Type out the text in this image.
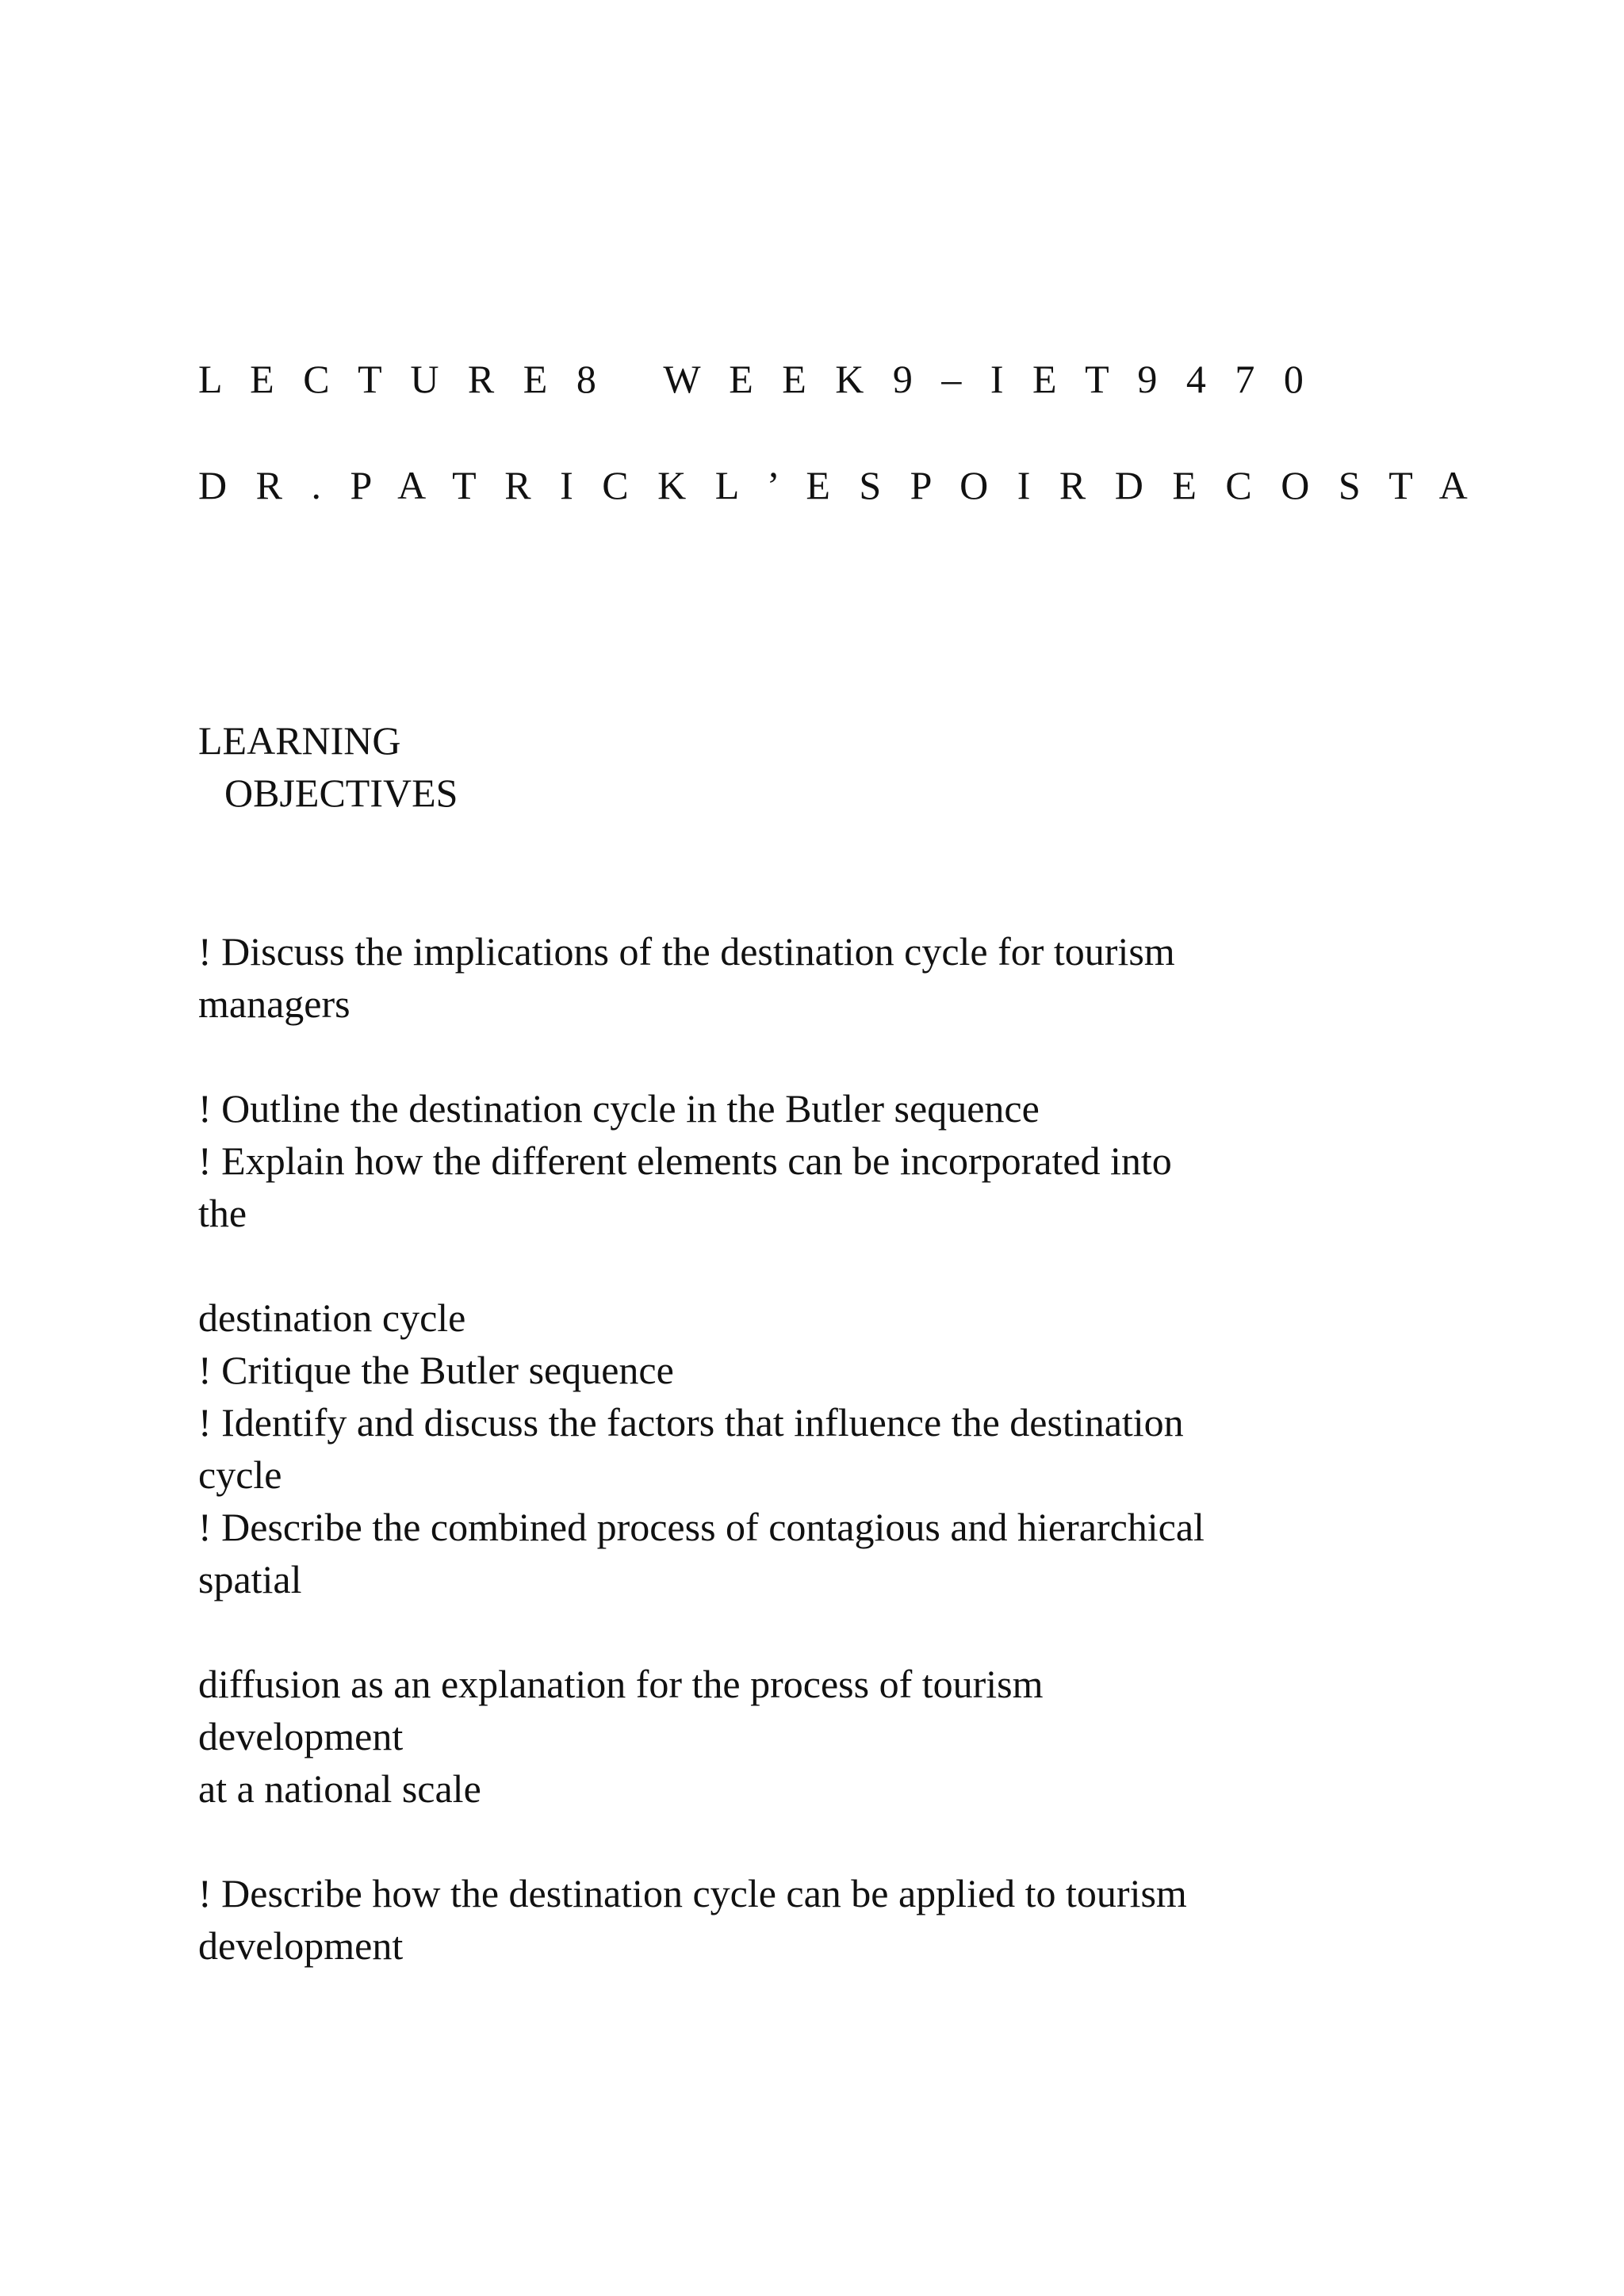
L E C T U R E 8   W E E K 9 – I E T 9 4 7 0
D R . P A T R I C K L ’ E S P O I R D E C O S T A
LEARNING
OBJECTIVES
! Discuss the implications of the destination cycle for tourism
managers
! Outline the destination cycle in the Butler sequence
! Explain how the different elements can be incorporated into
the
destination cycle
! Critique the Butler sequence
! Identify and discuss the factors that influence the destination
cycle
! Describe the combined process of contagious and hierarchical
spatial
diffusion as an explanation for the process of tourism
development
at a national scale
! Describe how the destination cycle can be applied to tourism
development
